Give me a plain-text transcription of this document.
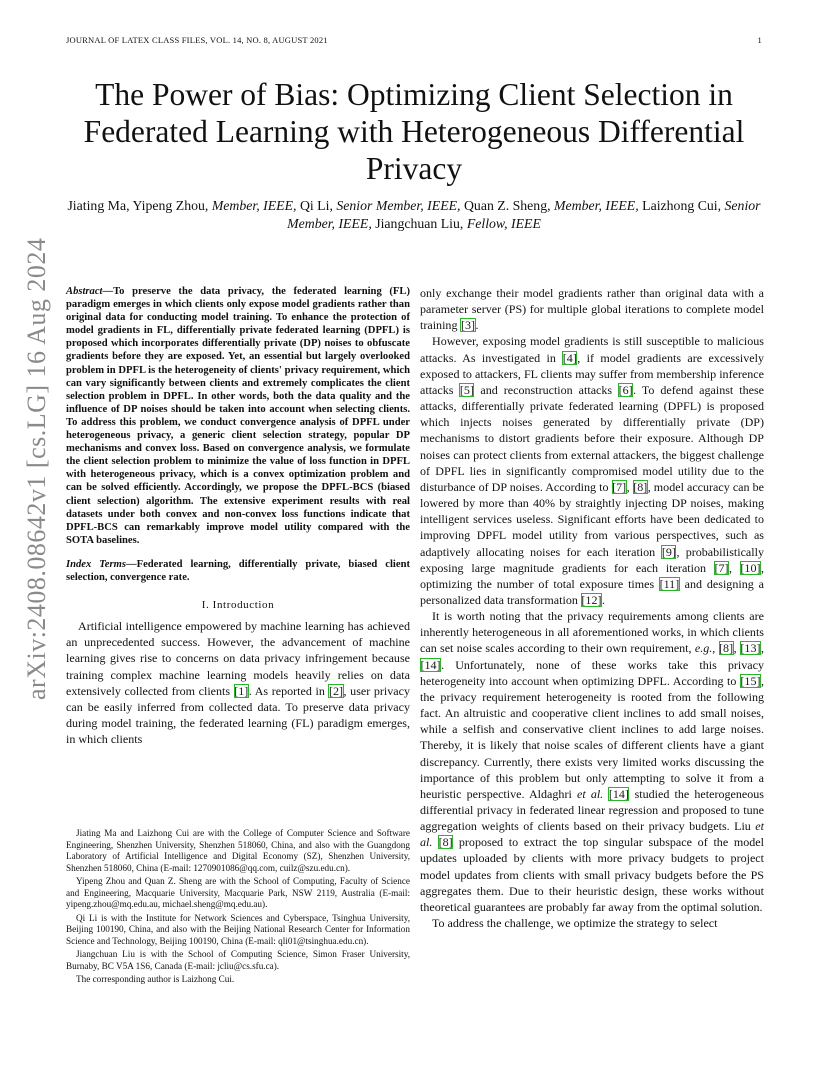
JOURNAL OF LATEX CLASS FILES, VOL. 14, NO. 8, AUGUST 2021	1
arXiv:2408.08642v1 [cs.LG] 16 Aug 2024
The Power of Bias: Optimizing Client Selection in Federated Learning with Heterogeneous Differential Privacy
Jiating Ma, Yipeng Zhou, Member, IEEE, Qi Li, Senior Member, IEEE, Quan Z. Sheng, Member, IEEE, Laizhong Cui, Senior Member, IEEE, Jiangchuan Liu, Fellow, IEEE

Abstract—To preserve the data privacy, the federated learning (FL) paradigm emerges in which clients only expose model gradients rather than original data for conducting model training. To enhance the protection of model gradients in FL, differentially private federated learning (DPFL) is proposed which incorporates differentially private (DP) noises to obfuscate gradients before they are exposed. Yet, an essential but largely overlooked problem in DPFL is the heterogeneity of clients' privacy requirement, which can vary significantly between clients and extremely complicates the client selection problem in DPFL. In other words, both the data quality and the influence of DP noises should be taken into account when selecting clients. To address this problem, we conduct convergence analysis of DPFL under heterogeneous privacy, a generic client selection strategy, popular DP mechanisms and convex loss. Based on convergence analysis, we formulate the client selection problem to minimize the value of loss function in DPFL with heterogeneous privacy, which is a convex optimization problem and can be solved efficiently. Accordingly, we propose the DPFL-BCS (biased client selection) algorithm. The extensive experiment results with real datasets under both convex and non-convex loss functions indicate that DPFL-BCS can remarkably improve model utility compared with the SOTA baselines.

Index Terms—Federated learning, differentially private, biased client selection, convergence rate.

I. Introduction

Artificial intelligence empowered by machine learning has achieved an unprecedented success. However, the advancement of machine learning gives rise to concerns on data privacy infringement because training complex machine learning models heavily relies on data extensively collected from clients [1]. As reported in [2], user privacy can be easily inferred from collected data. To preserve data privacy during model training, the federated learning (FL) paradigm emerges, in which clients

only exchange their model gradients rather than original data with a parameter server (PS) for multiple global iterations to complete model training [3].

However, exposing model gradients is still susceptible to malicious attacks. As investigated in [4], if model gradients are excessively exposed to attackers, FL clients may suffer from membership inference attacks [5] and reconstruction attacks [6]. To defend against these attacks, differentially private federated learning (DPFL) is proposed which injects noises generated by differentially private (DP) mechanisms to distort gradients before their exposure. Although DP noises can protect clients from external attackers, the biggest challenge of DPFL lies in significantly compromised model utility due to the disturbance of DP noises. According to [7], [8], model accuracy can be lowered by more than 40% by straightly injecting DP noises, making intelligent services useless. Significant efforts have been dedicated to improving DPFL model utility from various perspectives, such as adaptively allocating noises for each iteration [9], probabilistically exposing large magnitude gradients for each iteration [7], [10], optimizing the number of total exposure times [11] and designing a personalized data transformation [12].

It is worth noting that the privacy requirements among clients are inherently heterogeneous in all aforementioned works, in which clients can set noise scales according to their own requirement, e.g., [8], [13], [14]. Unfortunately, none of these works take this privacy heterogeneity into account when optimizing DPFL. According to [15], the privacy requirement heterogeneity is rooted from the following fact. An altruistic and cooperative client inclines to add small noises, while a selfish and conservative client inclines to add large noises. Thereby, it is likely that noise scales of different clients have a giant discrepancy. Currently, there exists very limited works discussing the importance of this problem but only attempting to solve it from a heuristic perspective. Aldaghri et al. [14] studied the heterogeneous differential privacy in federated linear regression and proposed to tune aggregation weights of clients based on their privacy budgets. Liu et al. [8] proposed to extract the top singular subspace of the model updates uploaded by clients with more privacy budgets to project model updates from clients with small privacy budgets before the PS aggregates them. Due to their heuristic design, these works without theoretical guarantees are probably far away from the optimal solution.

To address the challenge, we optimize the strategy to select

Jiating Ma and Laizhong Cui are with the College of Computer Science and Software Engineering, Shenzhen University, Shenzhen 518060, China, and also with the Guangdong Laboratory of Artificial Intelligence and Digital Economy (SZ), Shenzhen University, Shenzhen 518060, China (E-mail: 1270901086@qq.com, cuilz@szu.edu.cn).

Yipeng Zhou and Quan Z. Sheng are with the School of Computing, Faculty of Science and Engineering, Macquarie University, Macquarie Park, NSW 2119, Australia (E-mail: yipeng.zhou@mq.edu.au, michael.sheng@mq.edu.au).

Qi Li is with the Institute for Network Sciences and Cyberspace, Tsinghua University, Beijing 100190, China, and also with the Beijing National Research Center for Information Science and Technology, Beijing 100190, China (E-mail: qli01@tsinghua.edu.cn).

Jiangchuan Liu is with the School of Computing Science, Simon Fraser University, Burnaby, BC V5A 1S6, Canada (E-mail: jcliu@cs.sfu.ca).

The corresponding author is Laizhong Cui.
